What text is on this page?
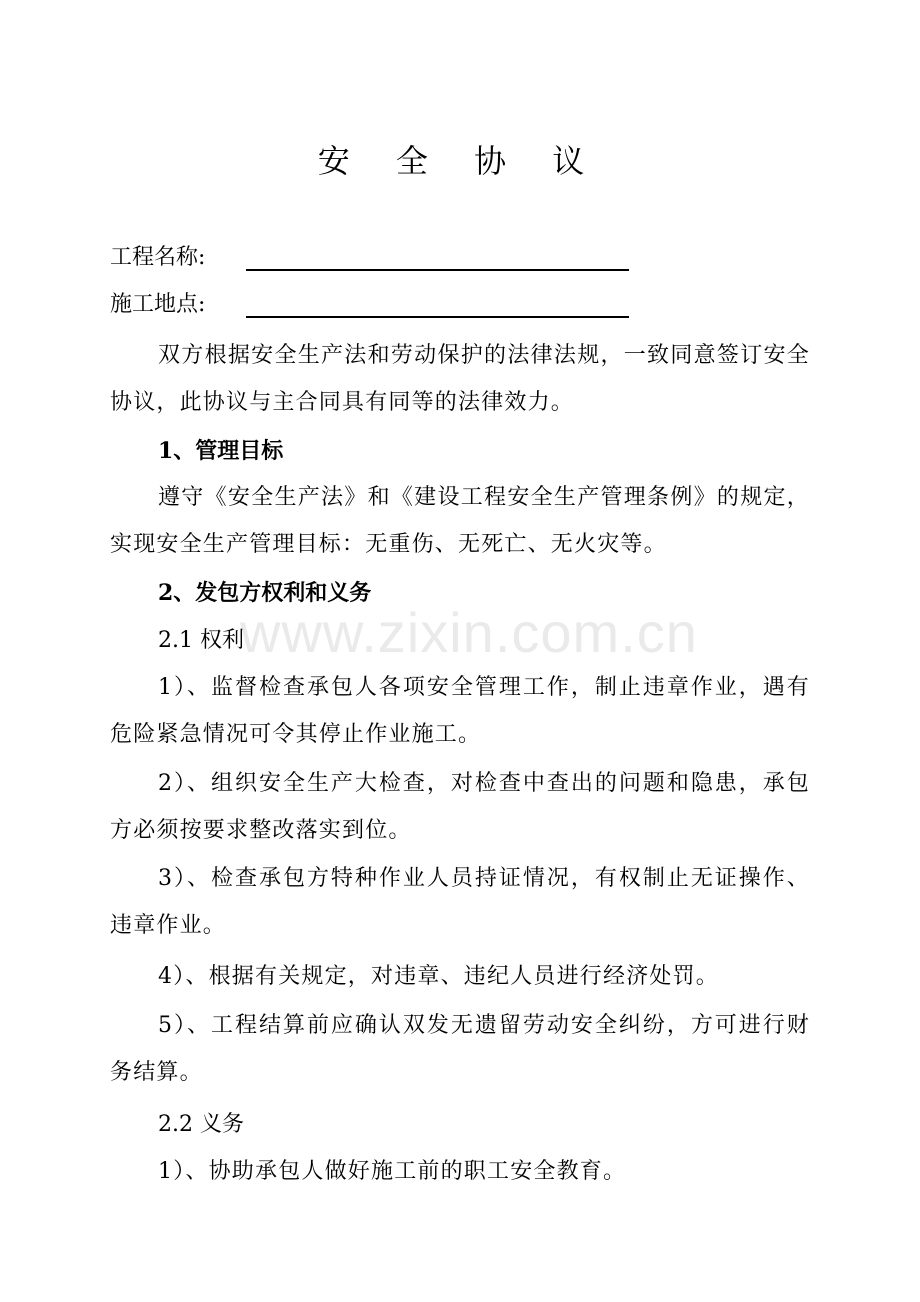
www.zixin.com.cn
安 全 协 议
工程名称:
施工地点:

双方根据安全生产法和劳动保护的法律法规，一致同意签订安全协议，此协议与主合同具有同等的法律效力。

1、管理目标

遵守《安全生产法》和《建设工程安全生产管理条例》的规定，实现安全生产管理目标：无重伤、无死亡、无火灾等。

2、发包方权利和义务
2.1 权利

1）、监督检查承包人各项安全管理工作，制止违章作业，遇有危险紧急情况可令其停止作业施工。

2）、组织安全生产大检查，对检查中查出的问题和隐患，承包方必须按要求整改落实到位。

3）、检查承包方特种作业人员持证情况，有权制止无证操作、违章作业。

4）、根据有关规定，对违章、违纪人员进行经济处罚。

5）、工程结算前应确认双发无遗留劳动安全纠纷，方可进行财务结算。

2.2 义务

1）、协助承包人做好施工前的职工安全教育。
